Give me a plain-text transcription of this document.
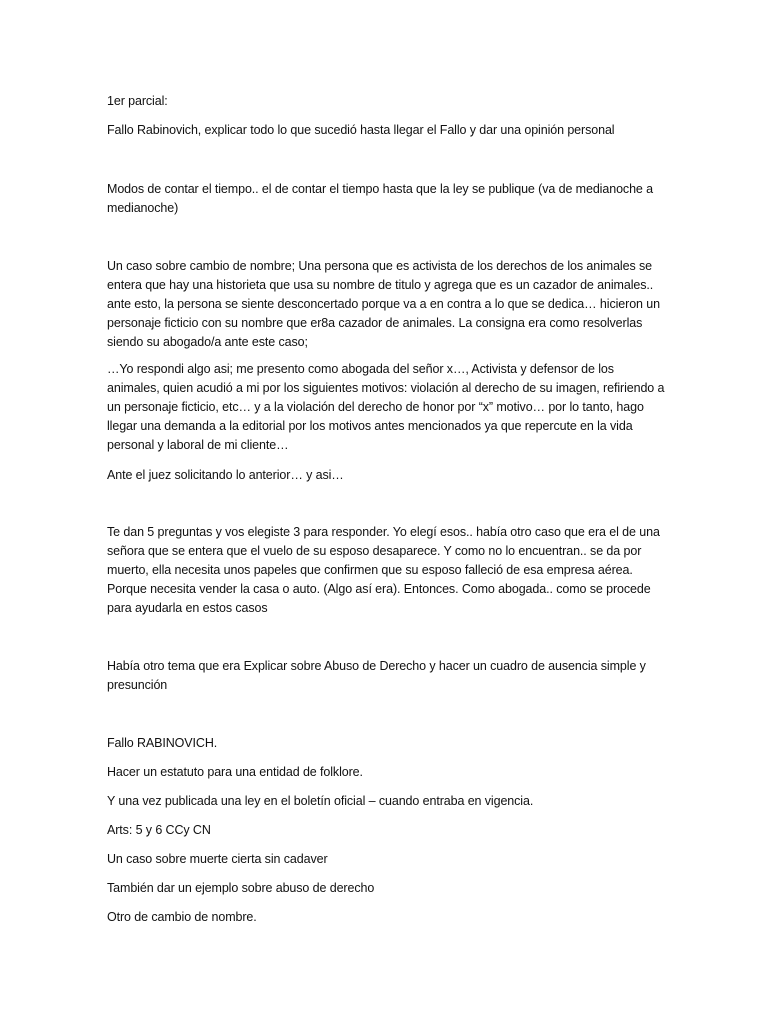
1er parcial:

Fallo Rabinovich, explicar todo lo que sucedió hasta llegar el Fallo y dar una opinión personal

Modos de contar el tiempo.. el de contar el tiempo hasta que la ley se publique (va de medianoche a medianoche)

Un caso sobre cambio de nombre; Una persona que es activista de los derechos de los animales se entera que hay una historieta que usa su nombre de titulo y agrega que es un cazador de animales.. ante esto, la persona se siente desconcertado porque va a en contra a lo que se dedica… hicieron un personaje ficticio con su nombre que er8a cazador de animales. La consigna era como resolverlas siendo su abogado/a ante este caso;

…Yo respondi algo asi; me presento como abogada del señor x…, Activista y defensor de los animales, quien acudió a mi por los siguientes motivos: violación al derecho de su imagen, refiriendo a un personaje ficticio, etc… y a la violación del derecho de honor por “x” motivo… por lo tanto, hago llegar una demanda a la editorial por los motivos antes mencionados ya que repercute en la vida personal y laboral de mi cliente…

Ante el juez solicitando lo anterior… y asi…

Te dan 5 preguntas y vos elegiste 3 para responder. Yo elegí esos.. había otro caso que era el de una señora que se entera que el vuelo de su esposo desaparece. Y como no lo encuentran.. se da por muerto, ella necesita unos papeles que confirmen que su esposo falleció de esa empresa aérea. Porque necesita vender la casa o auto. (Algo así era). Entonces. Como abogada.. como se procede para ayudarla en estos casos

Había otro tema que era Explicar sobre Abuso de Derecho y hacer un cuadro de ausencia simple y presunción

Fallo RABINOVICH.

Hacer un estatuto para una entidad de folklore.

Y una vez publicada una ley en el boletín oficial – cuando entraba en vigencia.

Arts: 5 y 6 CCy CN

Un caso sobre muerte cierta sin cadaver

También dar un ejemplo sobre abuso de derecho

Otro de cambio de nombre.
